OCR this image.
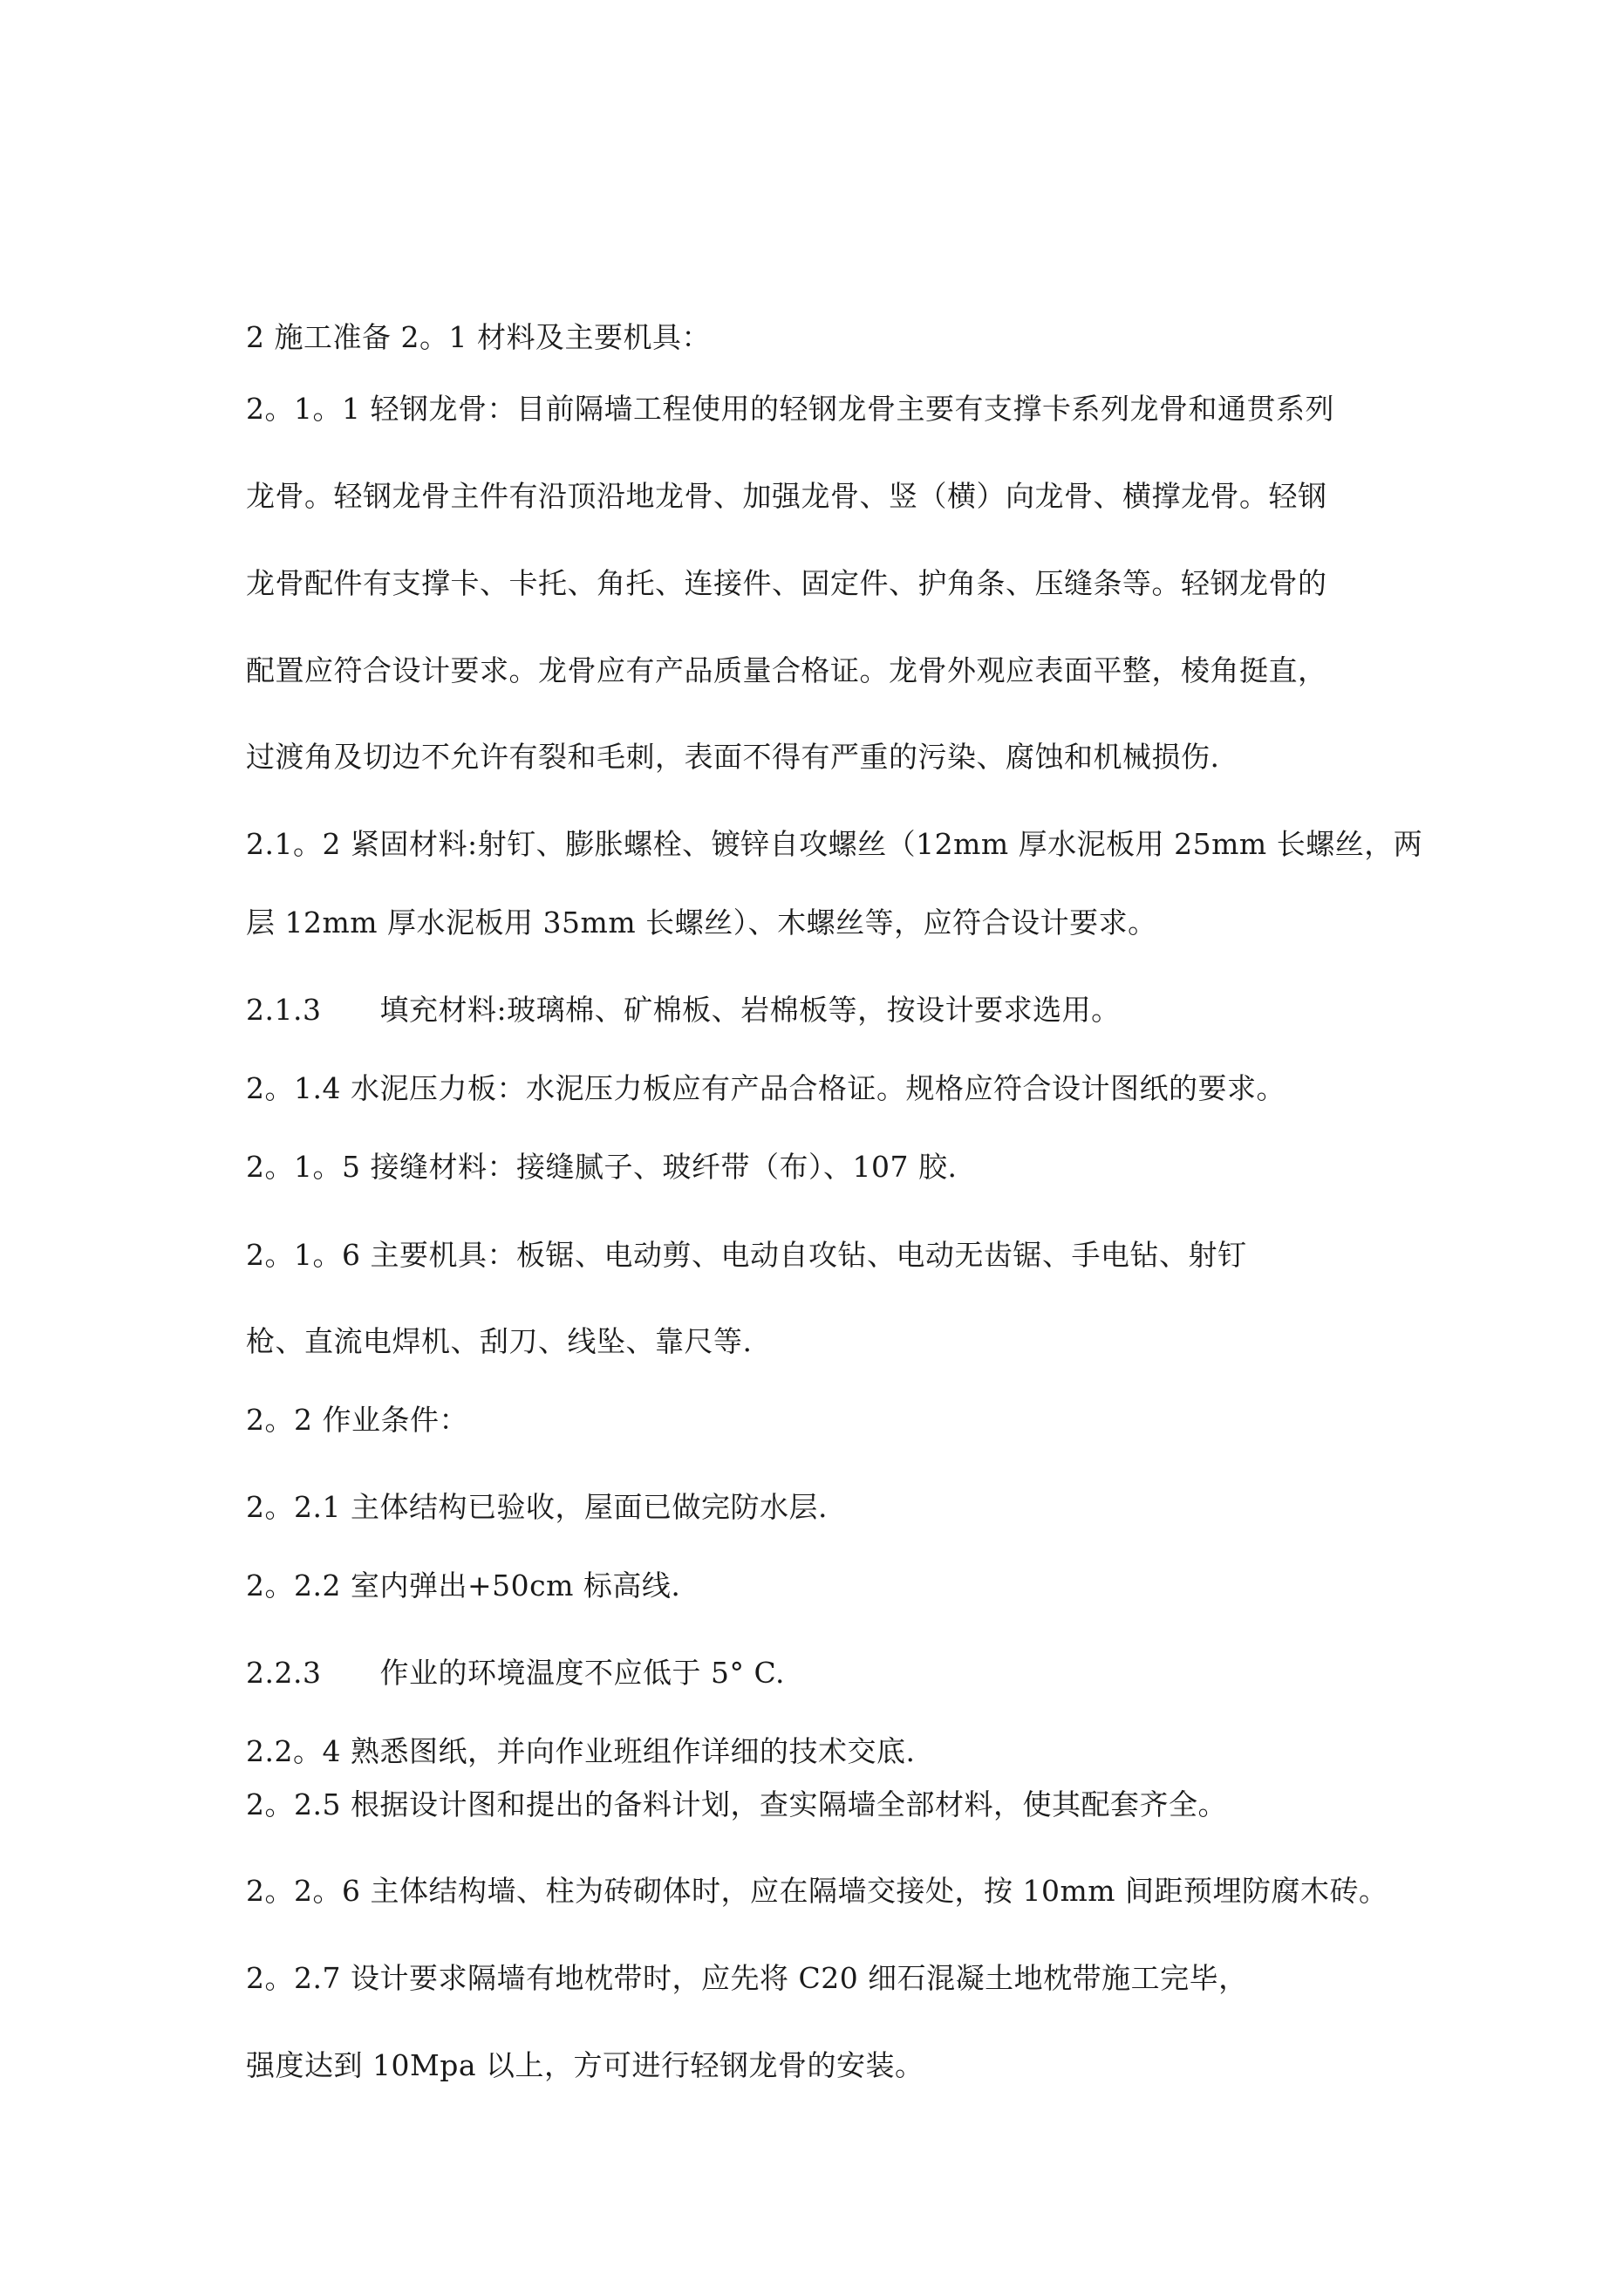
2 施工准备 2。1 材料及主要机具：
2。1。1 轻钢龙骨：目前隔墙工程使用的轻钢龙骨主要有支撑卡系列龙骨和通贯系列
龙骨。轻钢龙骨主件有沿顶沿地龙骨、加强龙骨、竖（横）向龙骨、横撑龙骨。轻钢
龙骨配件有支撑卡、卡托、角托、连接件、固定件、护角条、压缝条等。轻钢龙骨的
配置应符合设计要求。龙骨应有产品质量合格证。龙骨外观应表面平整，棱角挺直，
过渡角及切边不允许有裂和毛刺，表面不得有严重的污染、腐蚀和机械损伤.
2.1。2 紧固材料:射钉、膨胀螺栓、镀锌自攻螺丝（12mm 厚水泥板用 25mm 长螺丝，两
层 12mm 厚水泥板用 35mm 长螺丝）、木螺丝等，应符合设计要求。
2.1.3　　填充材料:玻璃棉、矿棉板、岩棉板等，按设计要求选用。
2。1.4 水泥压力板：水泥压力板应有产品合格证。规格应符合设计图纸的要求。
2。1。5 接缝材料：接缝腻子、玻纤带（布）、107 胶.
2。1。6 主要机具：板锯、电动剪、电动自攻钻、电动无齿锯、手电钻、射钉
枪、直流电焊机、刮刀、线坠、靠尺等.
2。2 作业条件：
2。2.1 主体结构已验收，屋面已做完防水层.
2。2.2 室内弹出+50cm 标高线.
2.2.3　　作业的环境温度不应低于 5° C.
2.2。4 熟悉图纸，并向作业班组作详细的技术交底.
2。2.5 根据设计图和提出的备料计划，查实隔墙全部材料，使其配套齐全。
2。2。6 主体结构墙、柱为砖砌体时，应在隔墙交接处，按 10mm 间距预埋防腐木砖。
2。2.7 设计要求隔墙有地枕带时，应先将 C20 细石混凝土地枕带施工完毕，
强度达到 10Mpa 以上，方可进行轻钢龙骨的安装。
